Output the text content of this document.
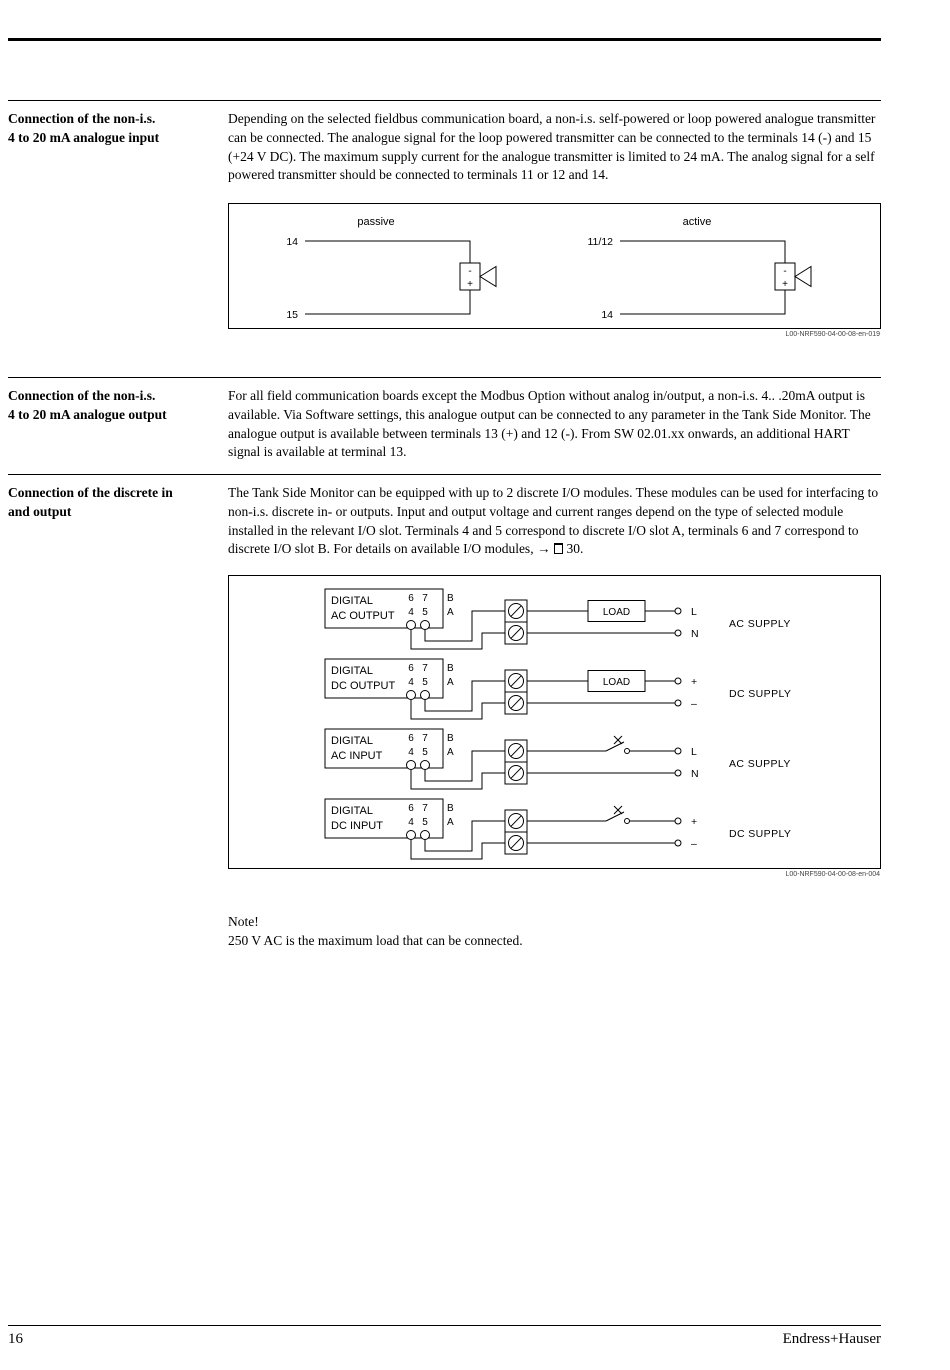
Connection of the non-i.s.
4 to 20 mA analogue input

Depending on the selected fieldbus communication board, a non-i.s. self-powered or loop powered analogue transmitter can be connected. The analogue signal for the loop powered transmitter can be connected to the terminals 14 (-) and 15 (+24 V DC). The maximum supply current for the analogue transmitter is limited to 24 mA. The analog signal for a self powered transmitter should be connected to terminals 11 or 12 and 14.

passive	active
14
-
+
15
11/12
-
+
14
L00-NRF590-04-00-08-en-019
Connection of the non-i.s.
4 to 20 mA analogue output

For all field communication boards except the Modbus Option without analog in/output, a non-i.s. 4.. .20mA output is available. Via Software settings, this analogue output can be connected to any parameter in the Tank Side Monitor. The analogue output is available between terminals 13 (+) and 12 (-). From SW 02.01.xx onwards, an additional HART signal is available at terminal 13.

Connection of the discrete in
and output

The Tank Side Monitor can be equipped with up to 2 discrete I/O modules. These modules can be used for interfacing to non-i.s. discrete in- or outputs. Input and output voltage and current ranges depend on the type of selected module installed in the relevant I/O slot. Terminals 4 and 5 correspond to discrete I/O slot A, terminals 6 and 7 correspond to discrete I/O slot B. For details on available I/O modules, → 30.

DIGITAL
AC OUTPUT
6 7
4 5
B
A	LOAD	L
N
AC SUPPLY
DIGITAL
DC OUTPUT
6 7
4 5
B
A	LOAD	+
–
DC SUPPLY
DIGITAL
AC INPUT
6 7
4 5
B
A	L
N
AC SUPPLY
DIGITAL
DC INPUT
6 7
4 5
B
A	+
–
DC SUPPLY
L00-NRF590-04-00-08-en-004
Note!
250 V AC is the maximum load that can be connected.
16	Endress+Hauser
